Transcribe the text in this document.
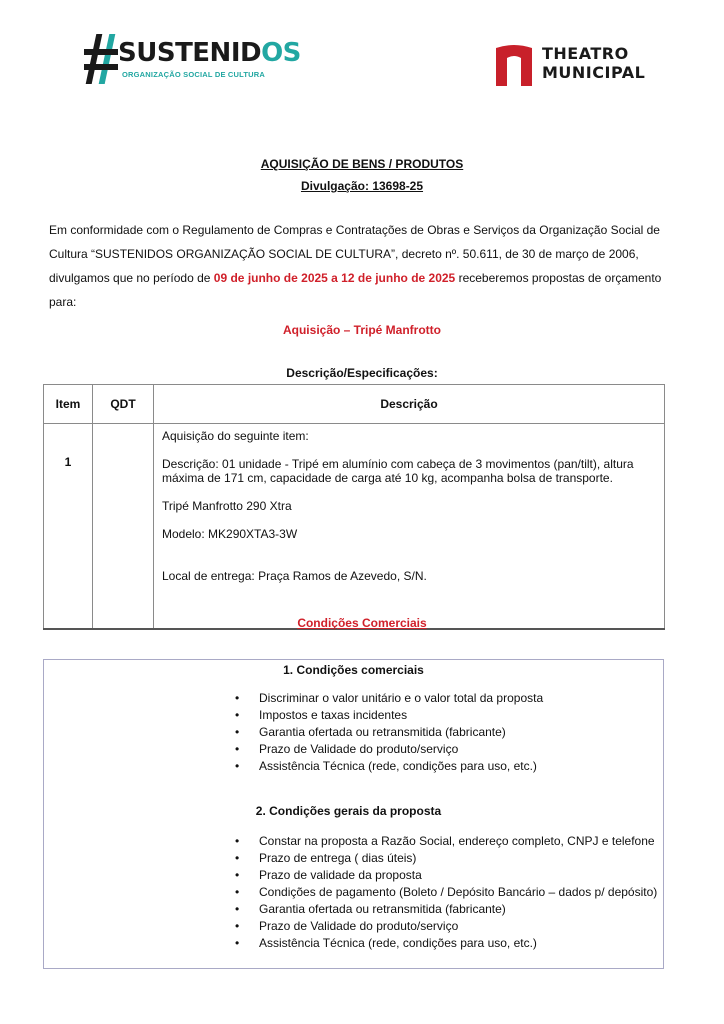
SUSTENIDOS
ORGANIZAÇÃO SOCIAL DE CULTURA
THEATRO
MUNICIPAL
AQUISIÇÃO DE BENS / PRODUTOS
Divulgação: 13698-25
Em conformidade com o Regulamento de Compras e Contratações de Obras e Serviços da Organização Social de Cultura “SUSTENIDOS ORGANIZAÇÃO SOCIAL DE CULTURA”, decreto nº. 50.611, de 30 de março de 2006, divulgamos que no período de 09 de junho de 2025 a 12 de junho de 2025 receberemos propostas de orçamento para:
Aquisição – Tripé Manfrotto
Descrição/Especificações:
Item	QDT	Descrição
1		Aquisição do seguinte item:

Descrição: 01 unidade - Tripé em alumínio com cabeça de 3 movimentos (pan/tilt), altura máxima de 171 cm, capacidade de carga até 10 kg, acompanha bolsa de transporte.

Tripé Manfrotto 290 Xtra

Modelo: MK290XTA3-3W

Local de entrega: Praça Ramos de Azevedo, S/N.

Condições Comerciais
1. Condições comerciais
• Discriminar o valor unitário e o valor total da proposta
• Impostos e taxas incidentes
• Garantia ofertada ou retransmitida (fabricante)
• Prazo de Validade do produto/serviço
• Assistência Técnica (rede, condições para uso, etc.)
2. Condições gerais da proposta
• Constar na proposta a Razão Social, endereço completo, CNPJ e telefone
• Prazo de entrega ( dias úteis)
• Prazo de validade da proposta
• Condições de pagamento (Boleto / Depósito Bancário – dados p/ depósito)
• Garantia ofertada ou retransmitida (fabricante)
• Prazo de Validade do produto/serviço
• Assistência Técnica (rede, condições para uso, etc.)
